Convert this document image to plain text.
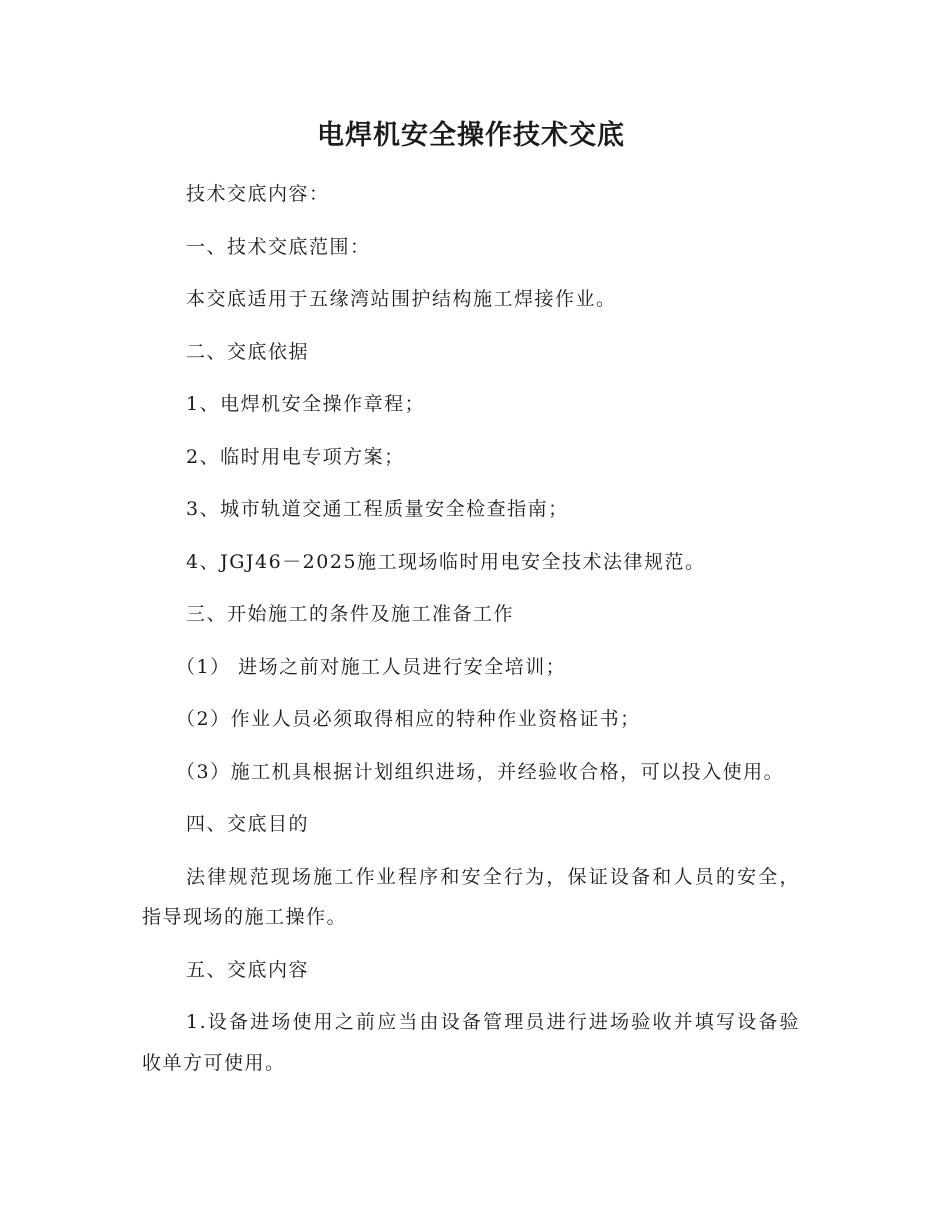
电焊机安全操作技术交底

技术交底内容：

一、技术交底范围：

本交底适用于五缘湾站围护结构施工焊接作业。

二、交底依据

1、电焊机安全操作章程；

2、临时用电专项方案；

3、城市轨道交通工程质量安全检查指南；

4、JGJ46－2025施工现场临时用电安全技术法律规范。

三、开始施工的条件及施工准备工作

（1） 进场之前对施工人员进行安全培训；

（2）作业人员必须取得相应的特种作业资格证书；

（3）施工机具根据计划组织进场，并经验收合格，可以投入使用。

四、交底目的

法律规范现场施工作业程序和安全行为，保证设备和人员的安全，指导现场的施工操作。

五、交底内容

1.设备进场使用之前应当由设备管理员进行进场验收并填写设备验收单方可使用。
